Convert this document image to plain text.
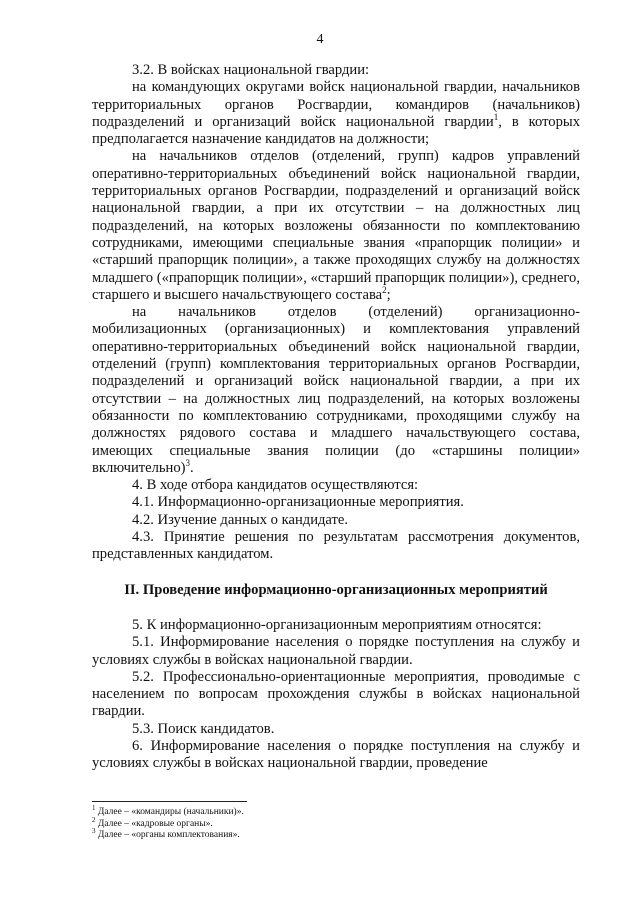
4

3.2. В войсках национальной гвардии:

на командующих округами войск национальной гвардии, начальников территориальных органов Росгвардии, командиров (начальников) подразделений и организаций войск национальной гвардии$^1$, в которых предполагается назначение кандидатов на должности;

на начальников отделов (отделений, групп) кадров управлений оперативно-территориальных объединений войск национальной гвардии, территориальных органов Росгвардии, подразделений и организаций войск национальной гвардии, а при их отсутствии – на должностных лиц подразделений, на которых возложены обязанности по комплектованию сотрудниками, имеющими специальные звания «прапорщик полиции» и «старший прапорщик полиции», а также проходящих службу на должностях младшего («прапорщик полиции», «старший прапорщик полиции»), среднего, старшего и высшего начальствующего состава$^2$;

на начальников отделов (отделений) организационно-мобилизационных (организационных) и комплектования управлений оперативно-территориальных объединений войск национальной гвардии, отделений (групп) комплектования территориальных органов Росгвардии, подразделений и организаций войск национальной гвардии, а при их отсутствии – на должностных лиц подразделений, на которых возложены обязанности по комплектованию сотрудниками, проходящими службу на должностях рядового состава и младшего начальствующего состава, имеющих специальные звания полиции (до «старшины полиции» включительно)$^3$.

4. В ходе отбора кандидатов осуществляются:

4.1. Информационно-организационные мероприятия.

4.2. Изучение данных о кандидате.

4.3. Принятие решения по результатам рассмотрения документов, представленных кандидатом.

II. Проведение информационно-организационных мероприятий

5. К информационно-организационным мероприятиям относятся:

5.1. Информирование населения о порядке поступления на службу и условиях службы в войсках национальной гвардии.

5.2. Профессионально-ориентационные мероприятия, проводимые с населением по вопросам прохождения службы в войсках национальной гвардии.

5.3. Поиск кандидатов.

6. Информирование населения о порядке поступления на службу и условиях службы в войсках национальной гвардии, проведение

$^1$ Далее – «командиры (начальники)».
$^2$ Далее – «кадровые органы».
$^3$ Далее – «органы комплектования».
